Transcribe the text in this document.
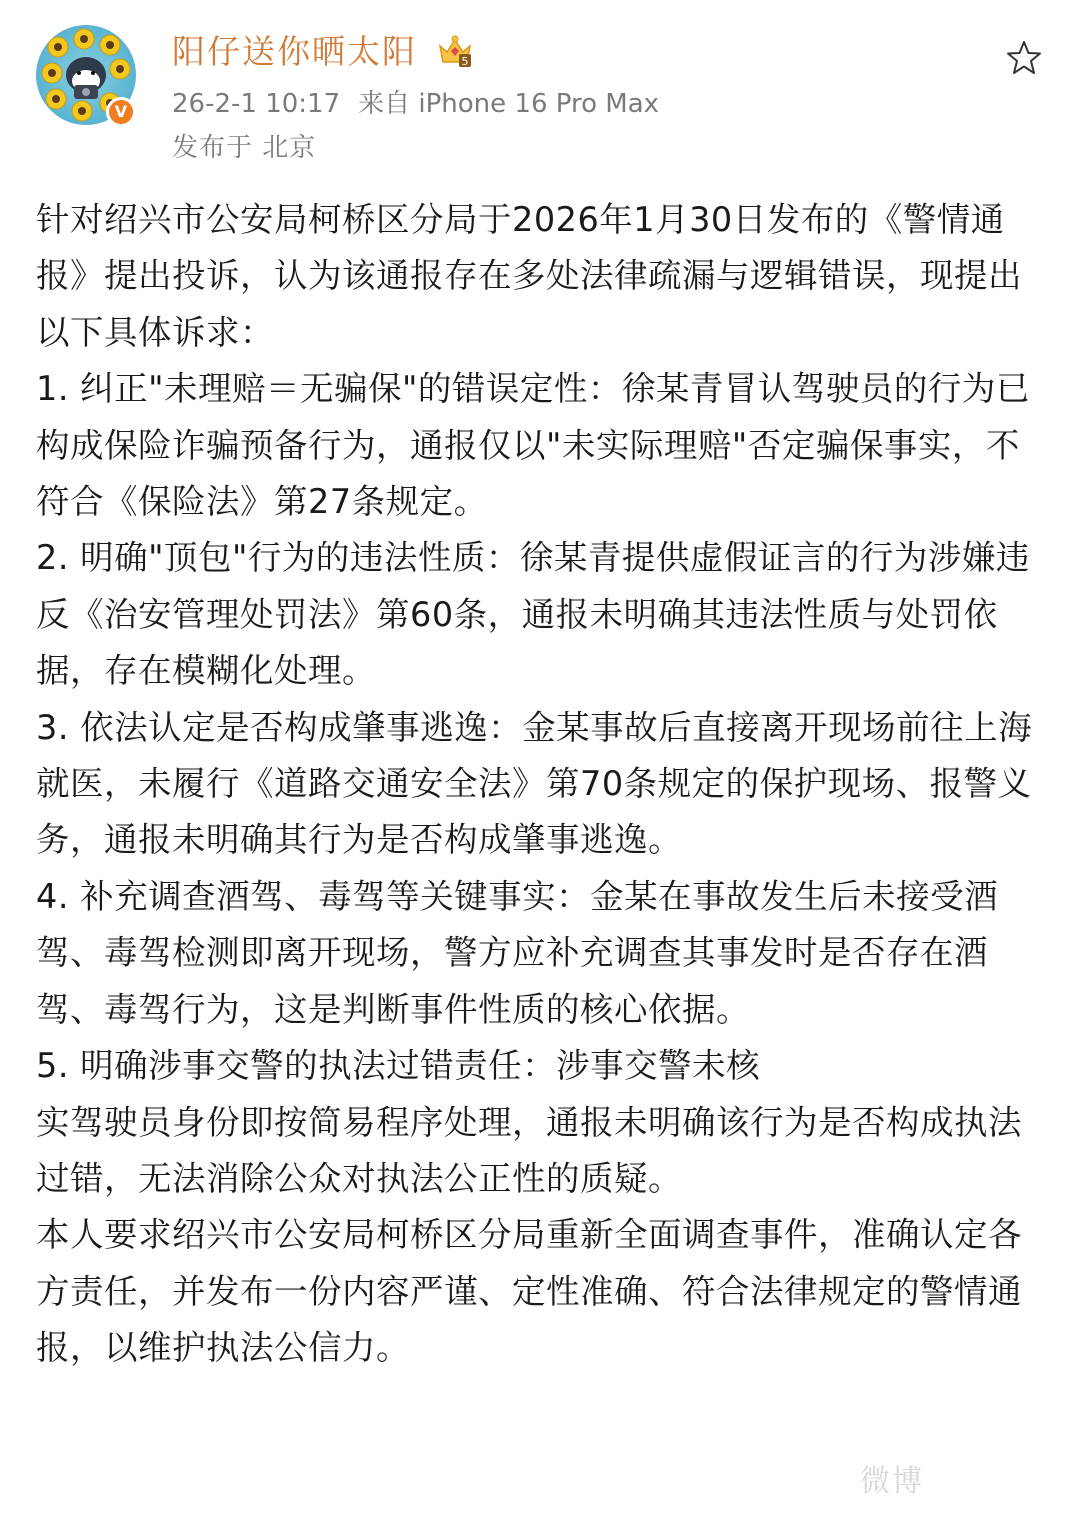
V
阳仔送你晒太阳	5
26-2-1 10:17 来自 iPhone 16 Pro Max
发布于 北京

针对绍兴市公安局柯桥区分局于2026年1月30日发布的《警情通报》提出投诉，认为该通报存在多处法律疏漏与逻辑错误，现提出以下具体诉求：

1. 纠正"未理赔＝无骗保"的错误定性：徐某青冒认驾驶员的行为已构成保险诈骗预备行为，通报仅以"未实际理赔"否定骗保事实，不符合《保险法》第27条规定。

2. 明确"顶包"行为的违法性质：徐某青提供虚假证言的行为涉嫌违反《治安管理处罚法》第60条，通报未明确其违法性质与处罚依据，存在模糊化处理。

3. 依法认定是否构成肇事逃逸：金某事故后直接离开现场前往上海就医，未履行《道路交通安全法》第70条规定的保护现场、报警义务，通报未明确其行为是否构成肇事逃逸。

4. 补充调查酒驾、毒驾等关键事实：金某在事故发生后未接受酒驾、毒驾检测即离开现场，警方应补充调查其事发时是否存在酒驾、毒驾行为，这是判断事件性质的核心依据。

5. 明确涉事交警的执法过错责任：涉事交警未核

实驾驶员身份即按简易程序处理，通报未明确该行为是否构成执法过错，无法消除公众对执法公正性的质疑。

本人要求绍兴市公安局柯桥区分局重新全面调查事件，准确认定各方责任，并发布一份内容严谨、定性准确、符合法律规定的警情通报，以维护执法公信力。

微博
